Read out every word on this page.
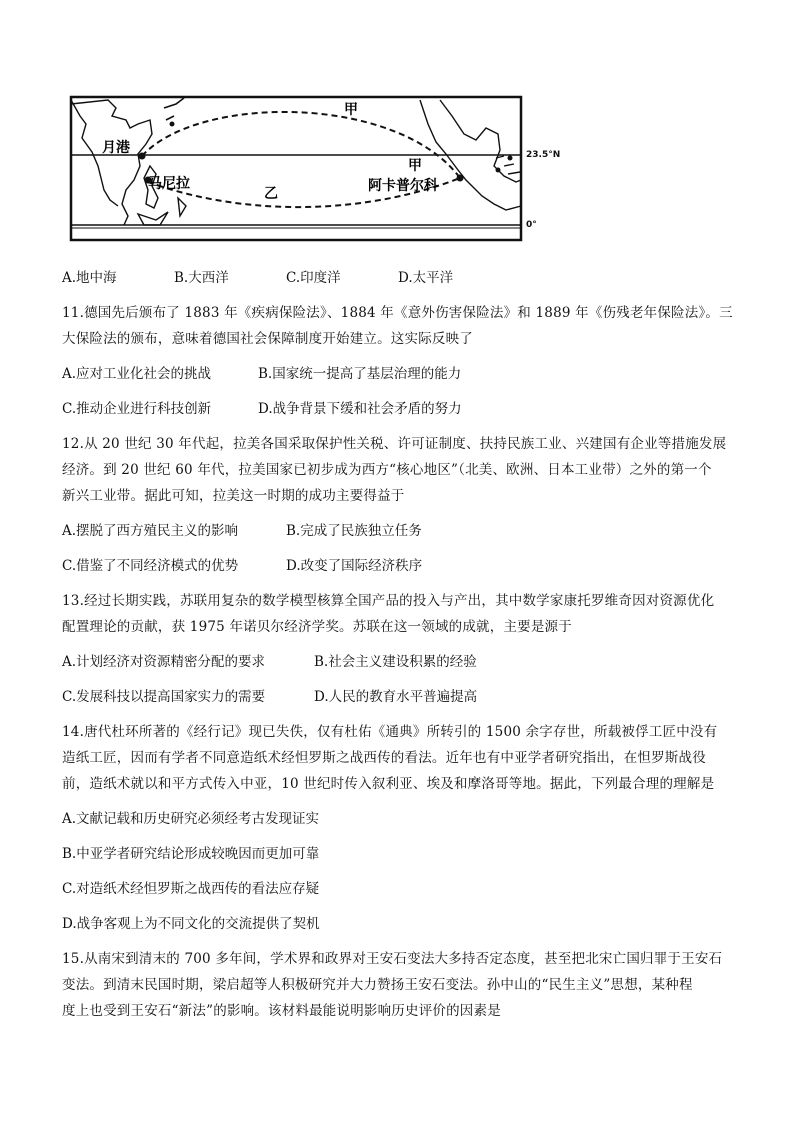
月港
马尼拉	阿卡普尔科
甲
甲
乙
23.5°N
0°
A.地中海	B.大西洋	C.印度洋	D.太平洋
11.德国先后颁布了 1883 年《疾病保险法》、1884 年《意外伤害保险法》和 1889 年《伤残老年保险法》。三
大保险法的颁布，意味着德国社会保障制度开始建立。这实际反映了
A.应对工业化社会的挑战	B.国家统一提高了基层治理的能力
C.推动企业进行科技创新	D.战争背景下缓和社会矛盾的努力
12.从 20 世纪 30 年代起，拉美各国采取保护性关税、许可证制度、扶持民族工业、兴建国有企业等措施发展
经济。到 20 世纪 60 年代，拉美国家已初步成为西方“核心地区”（北美、欧洲、日本工业带）之外的第一个
新兴工业带。据此可知，拉美这一时期的成功主要得益于
A.摆脱了西方殖民主义的影响	B.完成了民族独立任务
C.借鉴了不同经济模式的优势	D.改变了国际经济秩序
13.经过长期实践，苏联用复杂的数学模型核算全国产品的投入与产出，其中数学家康托罗维奇因对资源优化
配置理论的贡献，获 1975 年诺贝尔经济学奖。苏联在这一领域的成就，主要是源于
A.计划经济对资源精密分配的要求	B.社会主义建设积累的经验
C.发展科技以提高国家实力的需要	D.人民的教育水平普遍提高
14.唐代杜环所著的《经行记》现已失佚，仅有杜佑《通典》所转引的 1500 余字存世，所载被俘工匠中没有
造纸工匠，因而有学者不同意造纸术经怛罗斯之战西传的看法。近年也有中亚学者研究指出，在怛罗斯战役
前，造纸术就以和平方式传入中亚，10 世纪时传入叙利亚、埃及和摩洛哥等地。据此，下列最合理的理解是
A.文献记载和历史研究必须经考古发现证实
B.中亚学者研究结论形成较晚因而更加可靠
C.对造纸术经怛罗斯之战西传的看法应存疑
D.战争客观上为不同文化的交流提供了契机
15.从南宋到清末的 700 多年间，学术界和政界对王安石变法大多持否定态度，甚至把北宋亡国归罪于王安石
变法。到清末民国时期，梁启超等人积极研究并大力赞扬王安石变法。孙中山的“民生主义”思想，某种程
度上也受到王安石“新法”的影响。该材料最能说明影响历史评价的因素是
